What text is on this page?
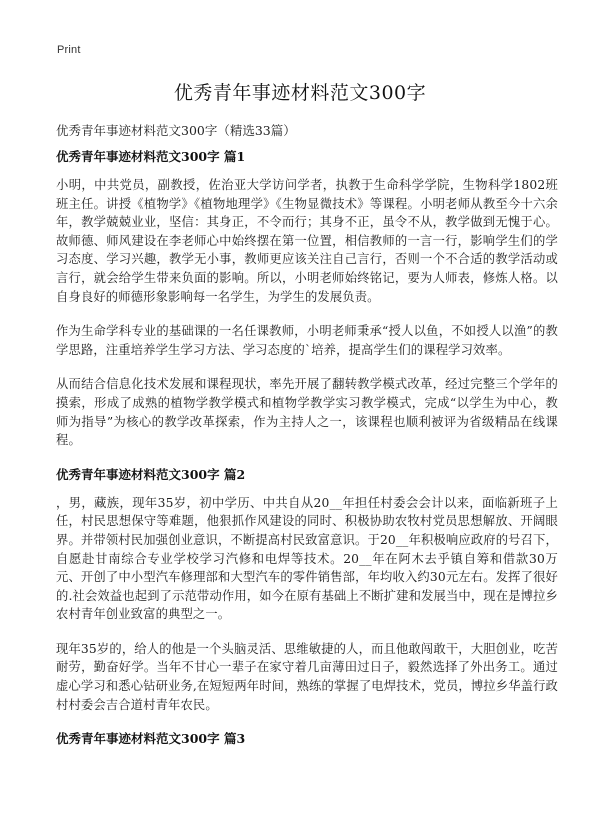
Print
优秀青年事迹材料范文300字
优秀青年事迹材料范文300字（精选33篇）
优秀青年事迹材料范文300字 篇1

小明，中共党员，副教授，佐治亚大学访问学者，执教于生命科学学院，生物科学1802班班主任。讲授《植物学》《植物地理学》《生物显微技术》等课程。小明老师从教至今十六余年，教学兢兢业业，坚信：其身正，不令而行；其身不正，虽令不从，教学做到无愧于心。故师德、师风建设在李老师心中始终摆在第一位置，相信教师的一言一行，影响学生们的学习态度、学习兴趣，教学无小事，教师更应该关注自己言行，否则一个不合适的教学活动或言行，就会给学生带来负面的影响。所以，小明老师始终铭记，要为人师表，修炼人格。以自身良好的师德形象影响每一名学生，为学生的发展负责。

作为生命学科专业的基础课的一名任课教师，小明老师秉承“授人以鱼，不如授人以渔”的教学思路，注重培养学生学习方法、学习态度的`培养，提高学生们的课程学习效率。

从而结合信息化技术发展和课程现状，率先开展了翻转教学模式改革，经过完整三个学年的摸索，形成了成熟的植物学教学模式和植物学教学实习教学模式，完成“以学生为中心，教师为指导”为核心的教学改革探索，作为主持人之一，该课程也顺利被评为省级精品在线课程。

优秀青年事迹材料范文300字 篇2

，男，藏族，现年35岁，初中学历、中共自从20__年担任村委会会计以来，面临新班子上任，村民思想保守等难题，他狠抓作风建设的同时、积极协助农牧村党员思想解放、开阔眼界。并带领村民加强创业意识，不断提高村民致富意识。于20__年积极响应政府的号召下，自愿赴甘南综合专业学校学习汽修和电焊等技术。20__年在阿木去乎镇自筹和借款30万元、开创了中小型汽车修理部和大型汽车的零件销售部，年均收入约30元左右。发挥了很好的.社会效益也起到了示范带动作用，如今在原有基础上不断扩建和发展当中，现在是博拉乡农村青年创业致富的典型之一。

现年35岁的，给人的他是一个头脑灵活、思维敏捷的人，而且他敢闯敢干，大胆创业，吃苦耐劳，勤奋好学。当年不甘心一辈子在家守着几亩薄田过日子，毅然选择了外出务工。通过虚心学习和悉心钻研业务,在短短两年时间，熟练的掌握了电焊技术，党员，博拉乡华盖行政村村委会吉合道村青年农民。

优秀青年事迹材料范文300字 篇3
